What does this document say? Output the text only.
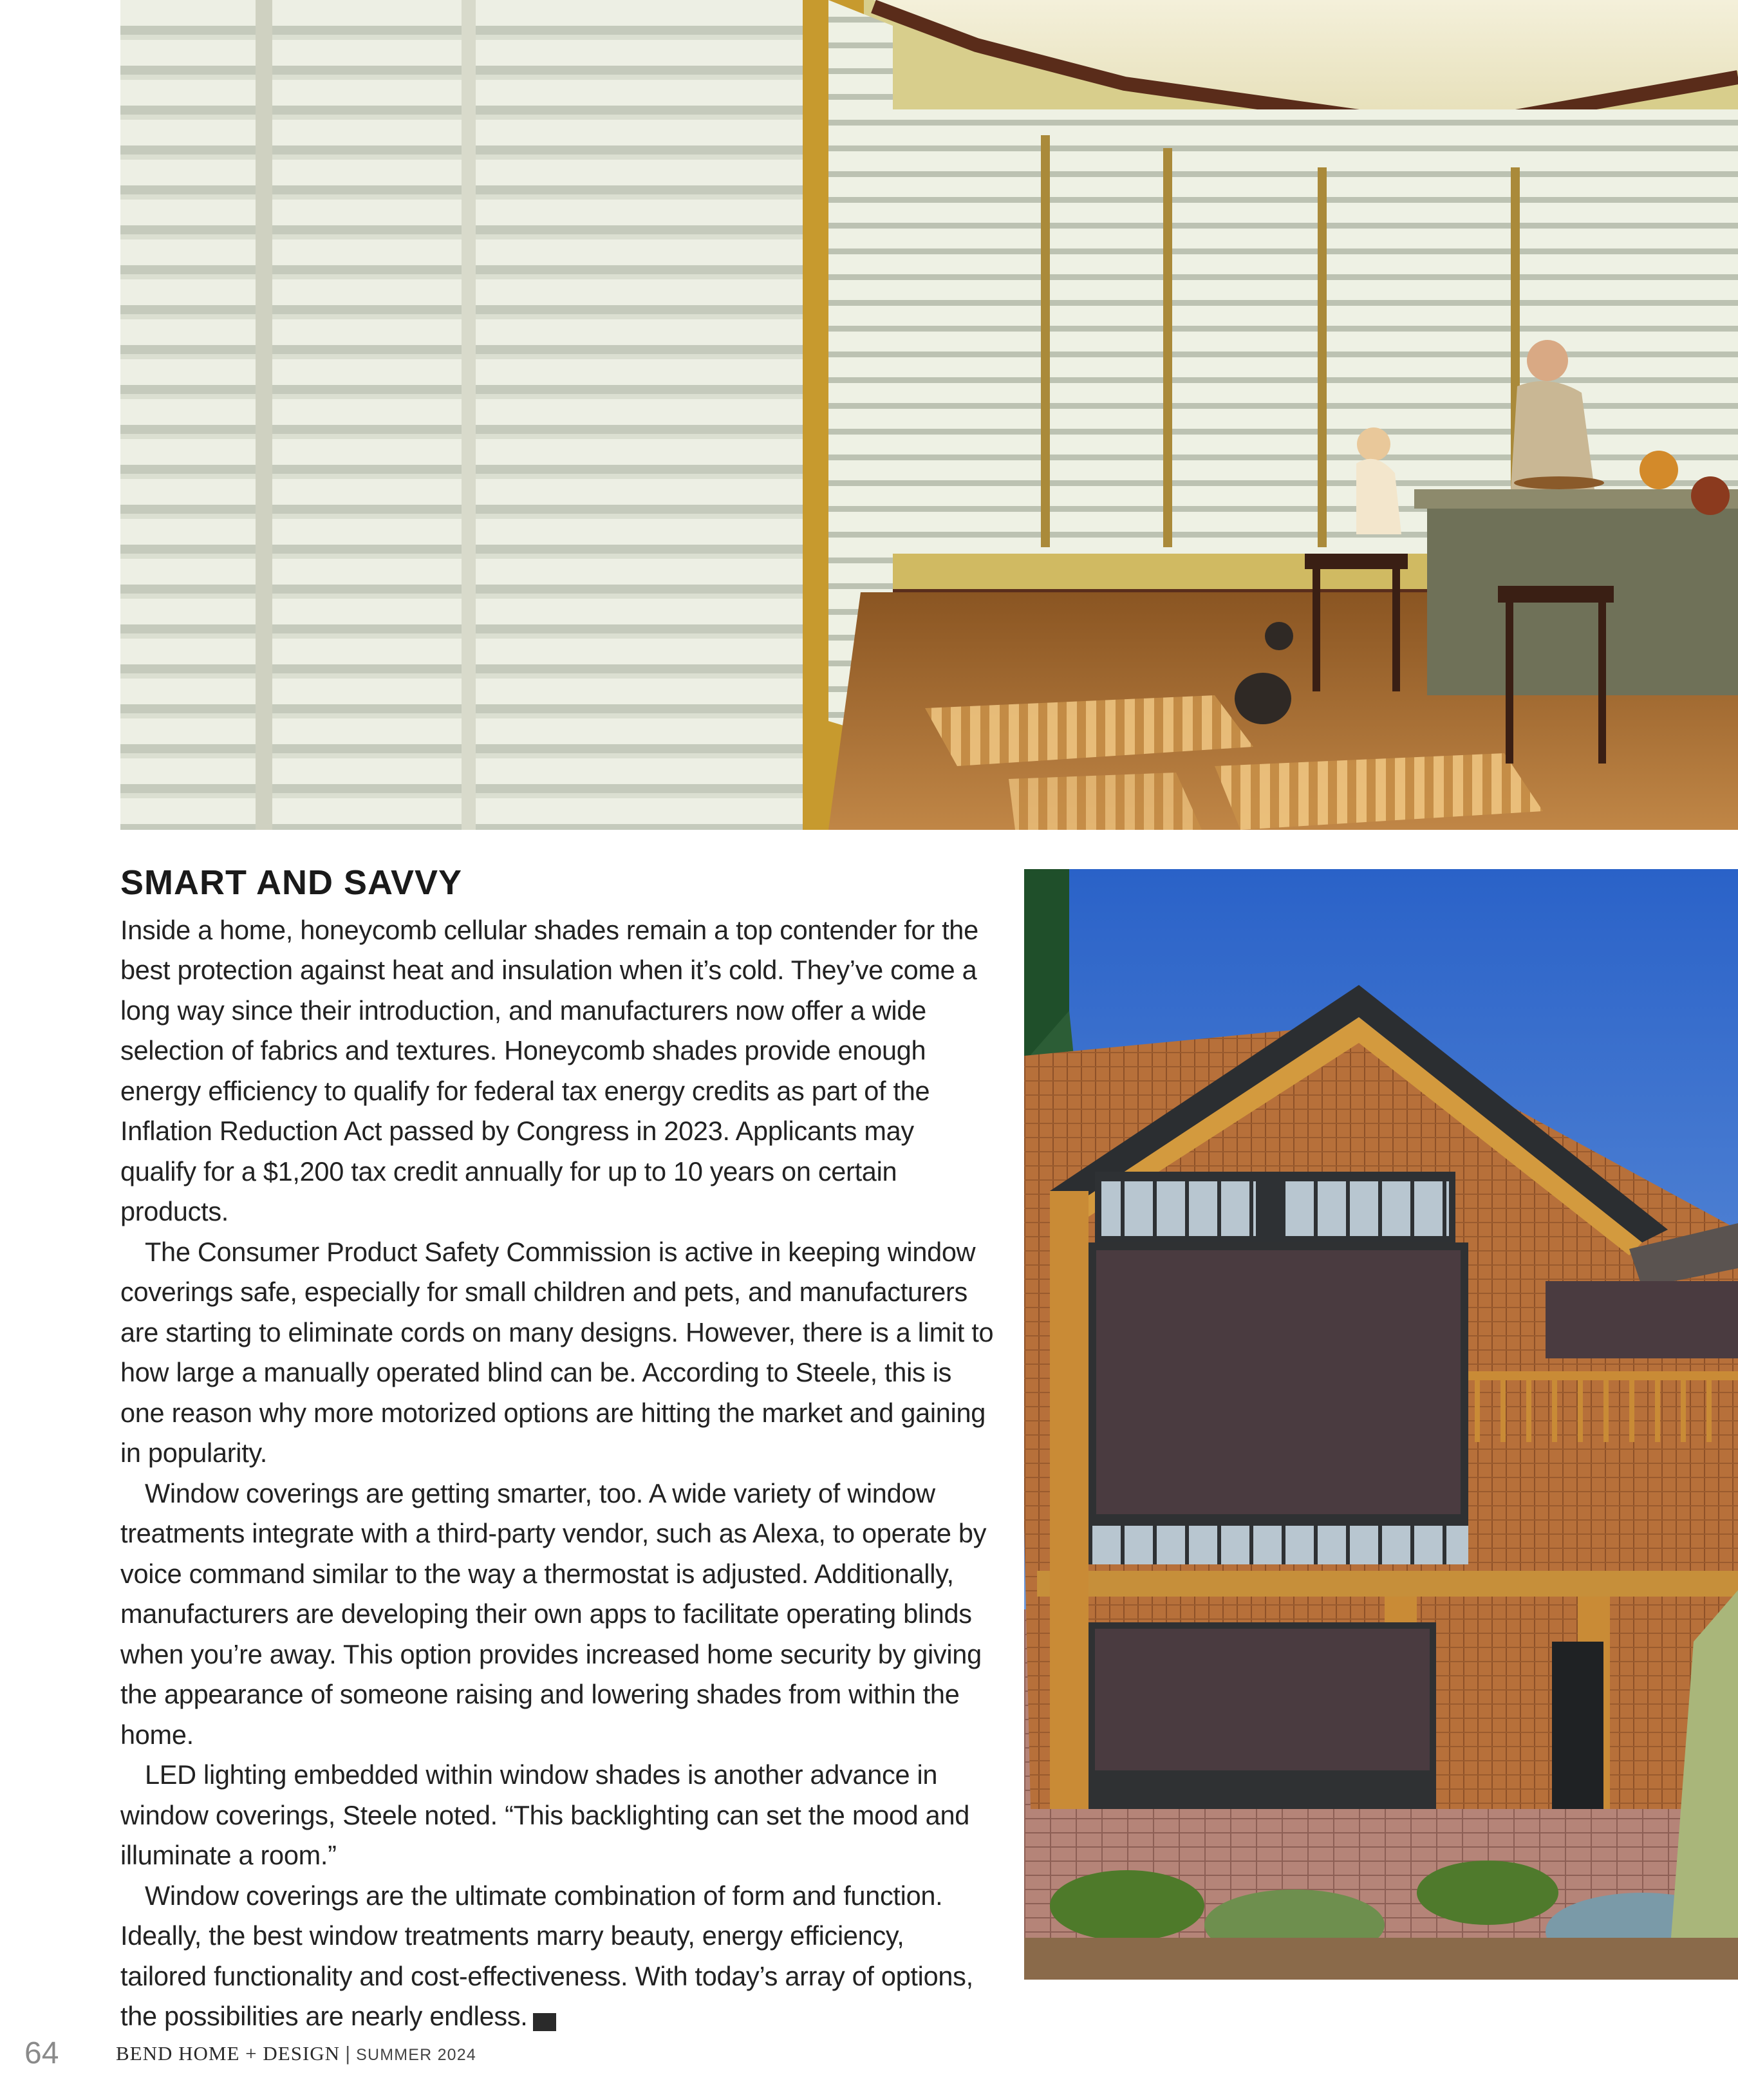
SMART AND SAVVY

Inside a home, honeycomb cellular shades remain a top contender for the best protection against heat and insulation when it’s cold. They’ve come a long way since their introduction, and manufacturers now offer a wide selection of fabrics and textures. Honeycomb shades provide enough energy efficiency to qualify for federal tax energy credits as part of the Inflation Reduction Act passed by Congress in 2023. Applicants may qualify for a $1,200 tax credit annually for up to 10 years on certain products.

The Consumer Product Safety Commission is active in keeping window coverings safe, especially for small children and pets, and manufacturers are starting to eliminate cords on many designs. However, there is a limit to how large a manually operated blind can be. According to Steele, this is one reason why more motorized options are hitting the market and gaining in popularity.

Window coverings are getting smarter, too. A wide variety of window treatments integrate with a third-party vendor, such as Alexa, to operate by voice command similar to the way a thermostat is adjusted. Additionally, manufacturers are developing their own apps to facilitate operating blinds when you’re away. This option provides increased home security by giving the appearance of someone raising and lowering shades from within the home.

LED lighting embedded within window shades is another advance in window coverings, Steele noted. “This backlighting can set the mood and illuminate a room.”

Window coverings are the ultimate combination of form and function. Ideally, the best window treatments marry beauty, energy efficiency, tailored functionality and cost-effectiveness. With today’s array of options, the possibilities are nearly endless. BH

64	BEND HOME + DESIGN | SUMMER 2024
